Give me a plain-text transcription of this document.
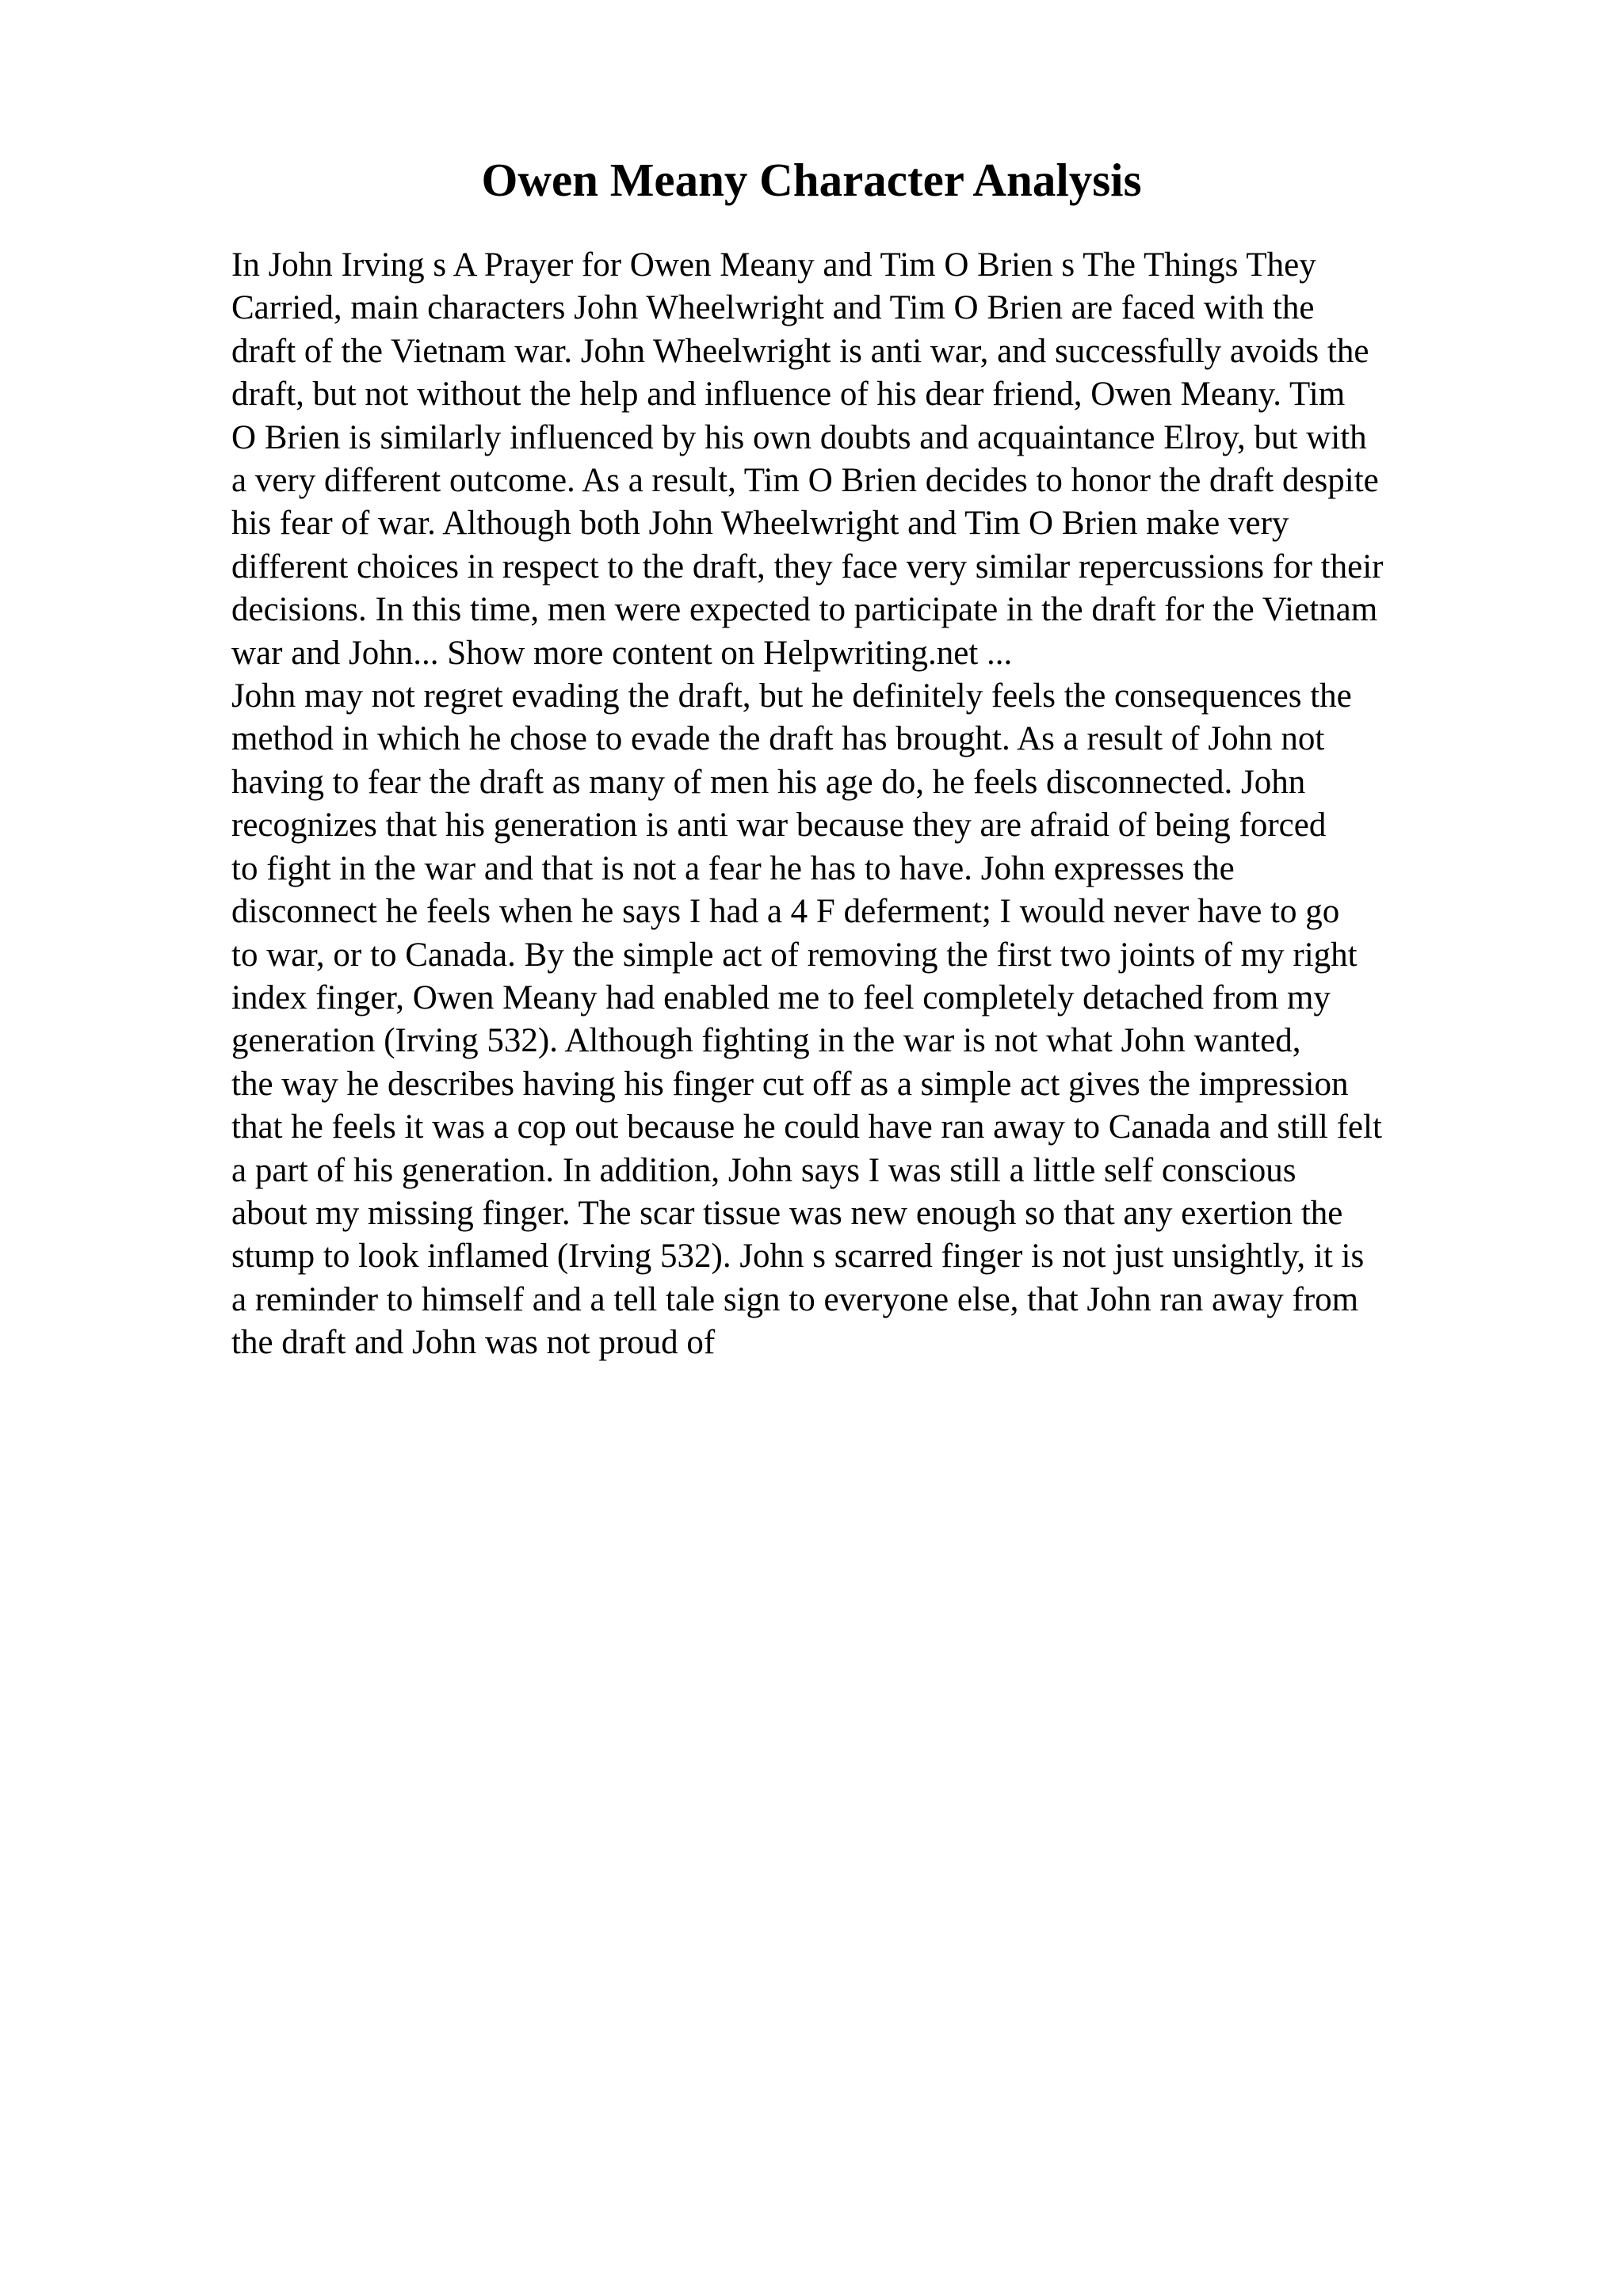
Owen Meany Character Analysis
In John Irving s A Prayer for Owen Meany and Tim O Brien s The Things They
Carried, main characters John Wheelwright and Tim O Brien are faced with the
draft of the Vietnam war. John Wheelwright is anti war, and successfully avoids the
draft, but not without the help and influence of his dear friend, Owen Meany. Tim
O Brien is similarly influenced by his own doubts and acquaintance Elroy, but with
a very different outcome. As a result, Tim O Brien decides to honor the draft despite
his fear of war. Although both John Wheelwright and Tim O Brien make very
different choices in respect to the draft, they face very similar repercussions for their
decisions. In this time, men were expected to participate in the draft for the Vietnam
war and John... Show more content on Helpwriting.net ...
John may not regret evading the draft, but he definitely feels the consequences the
method in which he chose to evade the draft has brought. As a result of John not
having to fear the draft as many of men his age do, he feels disconnected. John
recognizes that his generation is anti war because they are afraid of being forced
to fight in the war and that is not a fear he has to have. John expresses the
disconnect he feels when he says I had a 4 F deferment; I would never have to go
to war, or to Canada. By the simple act of removing the first two joints of my right
index finger, Owen Meany had enabled me to feel completely detached from my
generation (Irving 532). Although fighting in the war is not what John wanted,
the way he describes having his finger cut off as a simple act gives the impression
that he feels it was a cop out because he could have ran away to Canada and still felt
a part of his generation. In addition, John says I was still a little self conscious
about my missing finger. The scar tissue was new enough so that any exertion the
stump to look inflamed (Irving 532). John s scarred finger is not just unsightly, it is
a reminder to himself and a tell tale sign to everyone else, that John ran away from
the draft and John was not proud of
